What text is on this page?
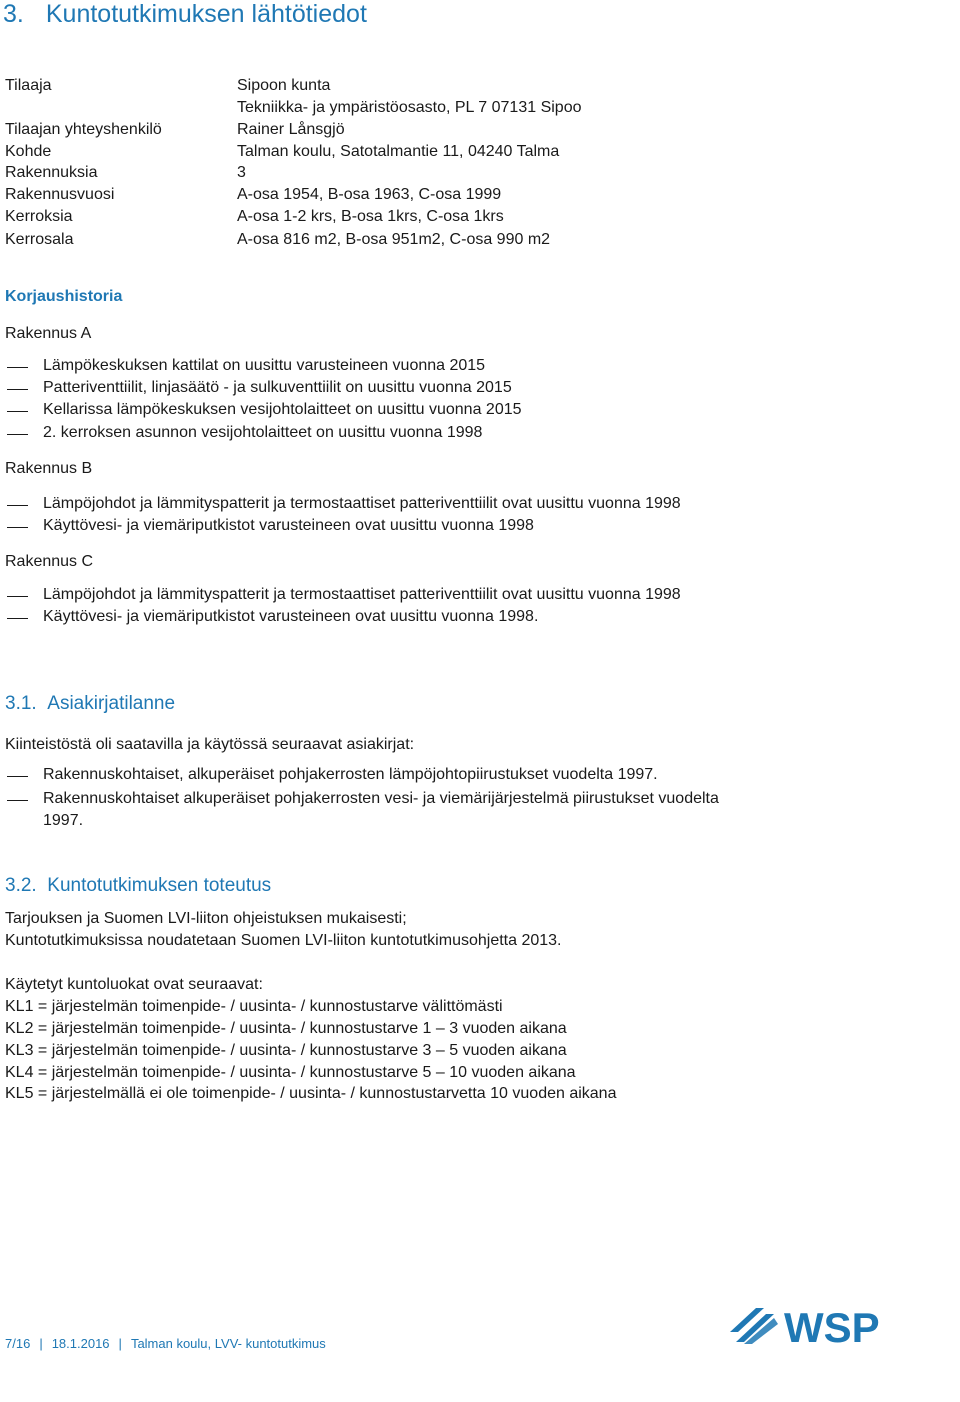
3. Kuntotutkimuksen lähtötiedot
Tilaaja	Sipoon kunta
Tekniikka- ja ympäristöosasto, PL 7 07131 Sipoo
Tilaajan yhteyshenkilö	Rainer Lånsgjö
Kohde	Talman koulu, Satotalmantie 11, 04240 Talma
Rakennuksia	3
Rakennusvuosi	A-osa 1954, B-osa 1963, C-osa 1999
Kerroksia	A-osa 1-2 krs, B-osa 1krs, C-osa 1krs
Kerrosala	A-osa 816 m2, B-osa 951m2, C-osa 990 m2
Korjaushistoria
Rakennus A
Lämpökeskuksen kattilat on uusittu varusteineen vuonna 2015
Patteriventtiilit, linjasäätö - ja sulkuventtiilit on uusittu vuonna 2015
Kellarissa lämpökeskuksen vesijohtolaitteet on uusittu vuonna 2015
2. kerroksen asunnon vesijohtolaitteet on uusittu vuonna 1998
Rakennus B
Lämpöjohdot ja lämmityspatterit ja termostaattiset patteriventtiilit ovat uusittu vuonna 1998
Käyttövesi- ja viemäriputkistot varusteineen ovat uusittu vuonna 1998
Rakennus C
Lämpöjohdot ja lämmityspatterit ja termostaattiset patteriventtiilit ovat uusittu vuonna 1998
Käyttövesi- ja viemäriputkistot varusteineen ovat uusittu vuonna 1998.
3.1. Asiakirjatilanne
Kiinteistöstä oli saatavilla ja käytössä seuraavat asiakirjat:
Rakennuskohtaiset, alkuperäiset pohjakerrosten lämpöjohtopiirustukset vuodelta 1997.
Rakennuskohtaiset alkuperäiset pohjakerrosten vesi- ja viemärijärjestelmä piirustukset vuodelta
1997.
3.2. Kuntotutkimuksen toteutus
Tarjouksen ja Suomen LVI-liiton ohjeistuksen mukaisesti;
Kuntotutkimuksissa noudatetaan Suomen LVI-liiton kuntotutkimusohjetta 2013.
Käytetyt kuntoluokat ovat seuraavat:
KL1 = järjestelmän toimenpide- / uusinta- / kunnostustarve välittömästi
KL2 = järjestelmän toimenpide- / uusinta- / kunnostustarve 1 – 3 vuoden aikana
KL3 = järjestelmän toimenpide- / uusinta- / kunnostustarve 3 – 5 vuoden aikana
KL4 = järjestelmän toimenpide- / uusinta- / kunnostustarve 5 – 10 vuoden aikana
KL5 = järjestelmällä ei ole toimenpide- / uusinta- / kunnostustarvetta 10 vuoden aikana
7/16 | 18.1.2016 | Talman koulu, LVV- kuntotutkimus	WSP
